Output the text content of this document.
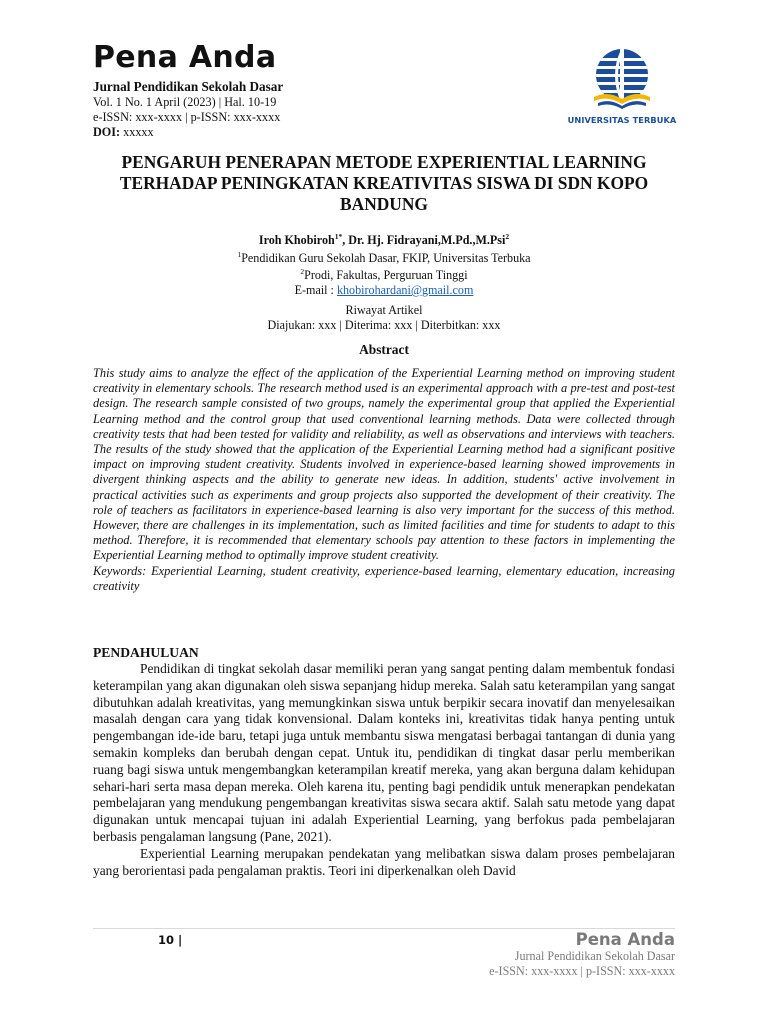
Pena Anda
Jurnal Pendidikan Sekolah Dasar
Vol. 1 No. 1 April (2023) | Hal. 10-19
e-ISSN: xxx-xxxx | p-ISSN: xxx-xxxx
DOI: xxxxx
UNIVERSITAS TERBUKA
PENGARUH PENERAPAN METODE EXPERIENTIAL LEARNING TERHADAP PENINGKATAN KREATIVITAS SISWA DI SDN KOPO BANDUNG
Iroh Khobiroh$^{1*}$, Dr. Hj. Fidrayani,M.Pd.,M.Psi$^2$
$^1$Pendidikan Guru Sekolah Dasar, FKIP, Universitas Terbuka
$^2$Prodi, Fakultas, Perguruan Tinggi
E-mail : khobirohardani@gmail.com
Riwayat Artikel
Diajukan: xxx | Diterima: xxx | Diterbitkan: xxx
Abstract

This study aims to analyze the effect of the application of the Experiential Learning method on improving student creativity in elementary schools. The research method used is an experimental approach with a pre-test and post-test design. The research sample consisted of two groups, namely the experimental group that applied the Experiential Learning method and the control group that used conventional learning methods. Data were collected through creativity tests that had been tested for validity and reliability, as well as observations and interviews with teachers. The results of the study showed that the application of the Experiential Learning method had a significant positive impact on improving student creativity. Students involved in experience-based learning showed improvements in divergent thinking aspects and the ability to generate new ideas. In addition, students' active involvement in practical activities such as experiments and group projects also supported the development of their creativity. The role of teachers as facilitators in experience-based learning is also very important for the success of this method. However, there are challenges in its implementation, such as limited facilities and time for students to adapt to this method. Therefore, it is recommended that elementary schools pay attention to these factors in implementing the Experiential Learning method to optimally improve student creativity.

Keywords: Experiential Learning, student creativity, experience-based learning, elementary education, increasing creativity

PENDAHULUAN

Pendidikan di tingkat sekolah dasar memiliki peran yang sangat penting dalam membentuk fondasi keterampilan yang akan digunakan oleh siswa sepanjang hidup mereka. Salah satu keterampilan yang sangat dibutuhkan adalah kreativitas, yang memungkinkan siswa untuk berpikir secara inovatif dan menyelesaikan masalah dengan cara yang tidak konvensional. Dalam konteks ini, kreativitas tidak hanya penting untuk pengembangan ide-ide baru, tetapi juga untuk membantu siswa mengatasi berbagai tantangan di dunia yang semakin kompleks dan berubah dengan cepat. Untuk itu, pendidikan di tingkat dasar perlu memberikan ruang bagi siswa untuk mengembangkan keterampilan kreatif mereka, yang akan berguna dalam kehidupan sehari-hari serta masa depan mereka. Oleh karena itu, penting bagi pendidik untuk menerapkan pendekatan pembelajaran yang mendukung pengembangan kreativitas siswa secara aktif. Salah satu metode yang dapat digunakan untuk mencapai tujuan ini adalah Experiential Learning, yang berfokus pada pembelajaran berbasis pengalaman langsung (Pane, 2021).

Experiential Learning merupakan pendekatan yang melibatkan siswa dalam proses pembelajaran yang berorientasi pada pengalaman praktis. Teori ini diperkenalkan oleh David

10 |	Pena Anda
Jurnal Pendidikan Sekolah Dasar
e-ISSN: xxx-xxxx | p-ISSN: xxx-xxxx
